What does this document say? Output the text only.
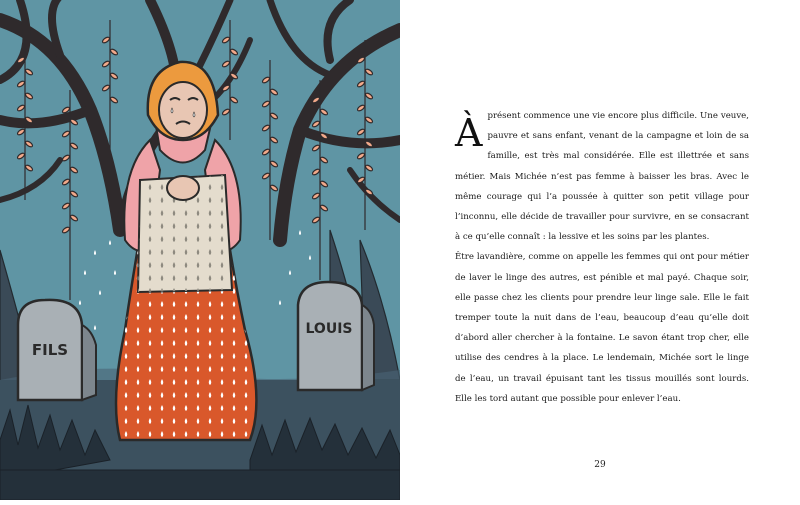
FILS
LOUIS

À présent commence une vie encore plus difficile. Une veuve, pauvre et sans enfant, venant de la campagne et loin de sa famille, est très mal considérée. Elle est illettrée et sans métier. Mais Michée n’est pas femme à baisser les bras. Avec le même courage qui l’a poussée à quitter son petit village pour l’inconnu, elle décide de travailler pour survivre, en se consacrant à ce qu’elle connaît : la lessive et les soins par les plantes.

Être lavandière, comme on appelle les femmes qui ont pour métier de laver le linge des autres, est pénible et mal payé. Chaque soir, elle passe chez les clients pour prendre leur linge sale. Elle le fait tremper toute la nuit dans de l’eau, beaucoup d’eau qu’elle doit d’abord aller chercher à la fontaine. Le savon étant trop cher, elle utilise des cendres à la place. Le lendemain, Michée sort le linge de l’eau, un travail épuisant tant les tissus mouillés sont lourds. Elle les tord autant que possible pour enlever l’eau.

29
